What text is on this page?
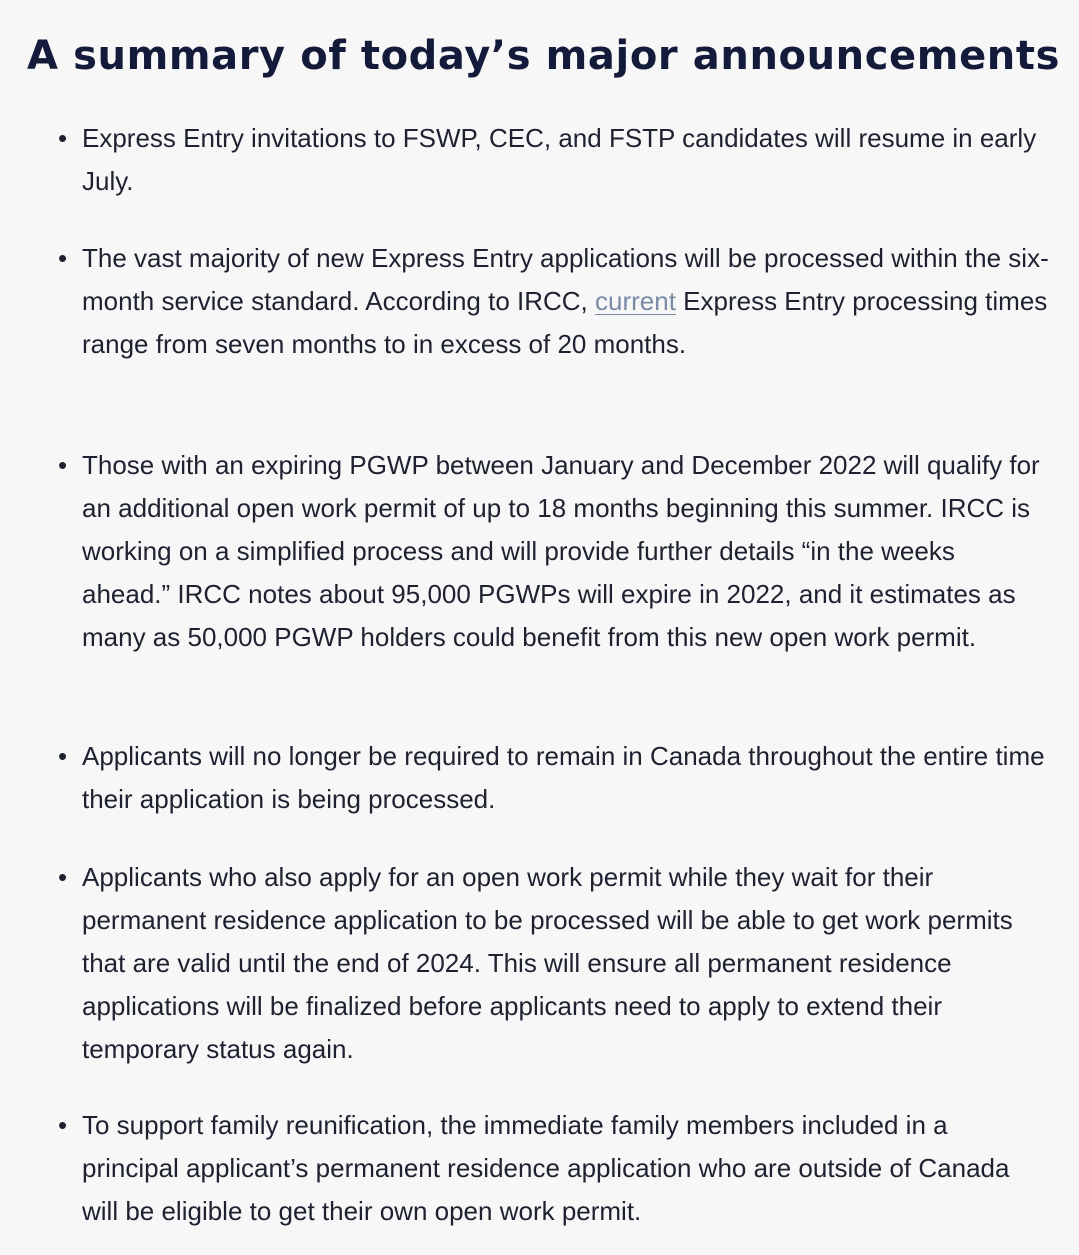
A summary of today’s major announcements
• Express Entry invitations to FSWP, CEC, and FSTP candidates will resume in early July.
• The vast majority of new Express Entry applications will be processed within the six-month service standard. According to IRCC, current Express Entry processing times range from seven months to in excess of 20 months.
• Those with an expiring PGWP between January and December 2022 will qualify for an additional open work permit of up to 18 months beginning this summer. IRCC is working on a simplified process and will provide further details “in the weeks ahead.” IRCC notes about 95,000 PGWPs will expire in 2022, and it estimates as many as 50,000 PGWP holders could benefit from this new open work permit.
• Applicants will no longer be required to remain in Canada throughout the entire time their application is being processed.
• Applicants who also apply for an open work permit while they wait for their permanent residence application to be processed will be able to get work permits that are valid until the end of 2024. This will ensure all permanent residence applications will be finalized before applicants need to apply to extend their temporary status again.
• To support family reunification, the immediate family members included in a principal applicant’s permanent residence application who are outside of Canada will be eligible to get their own open work permit.
